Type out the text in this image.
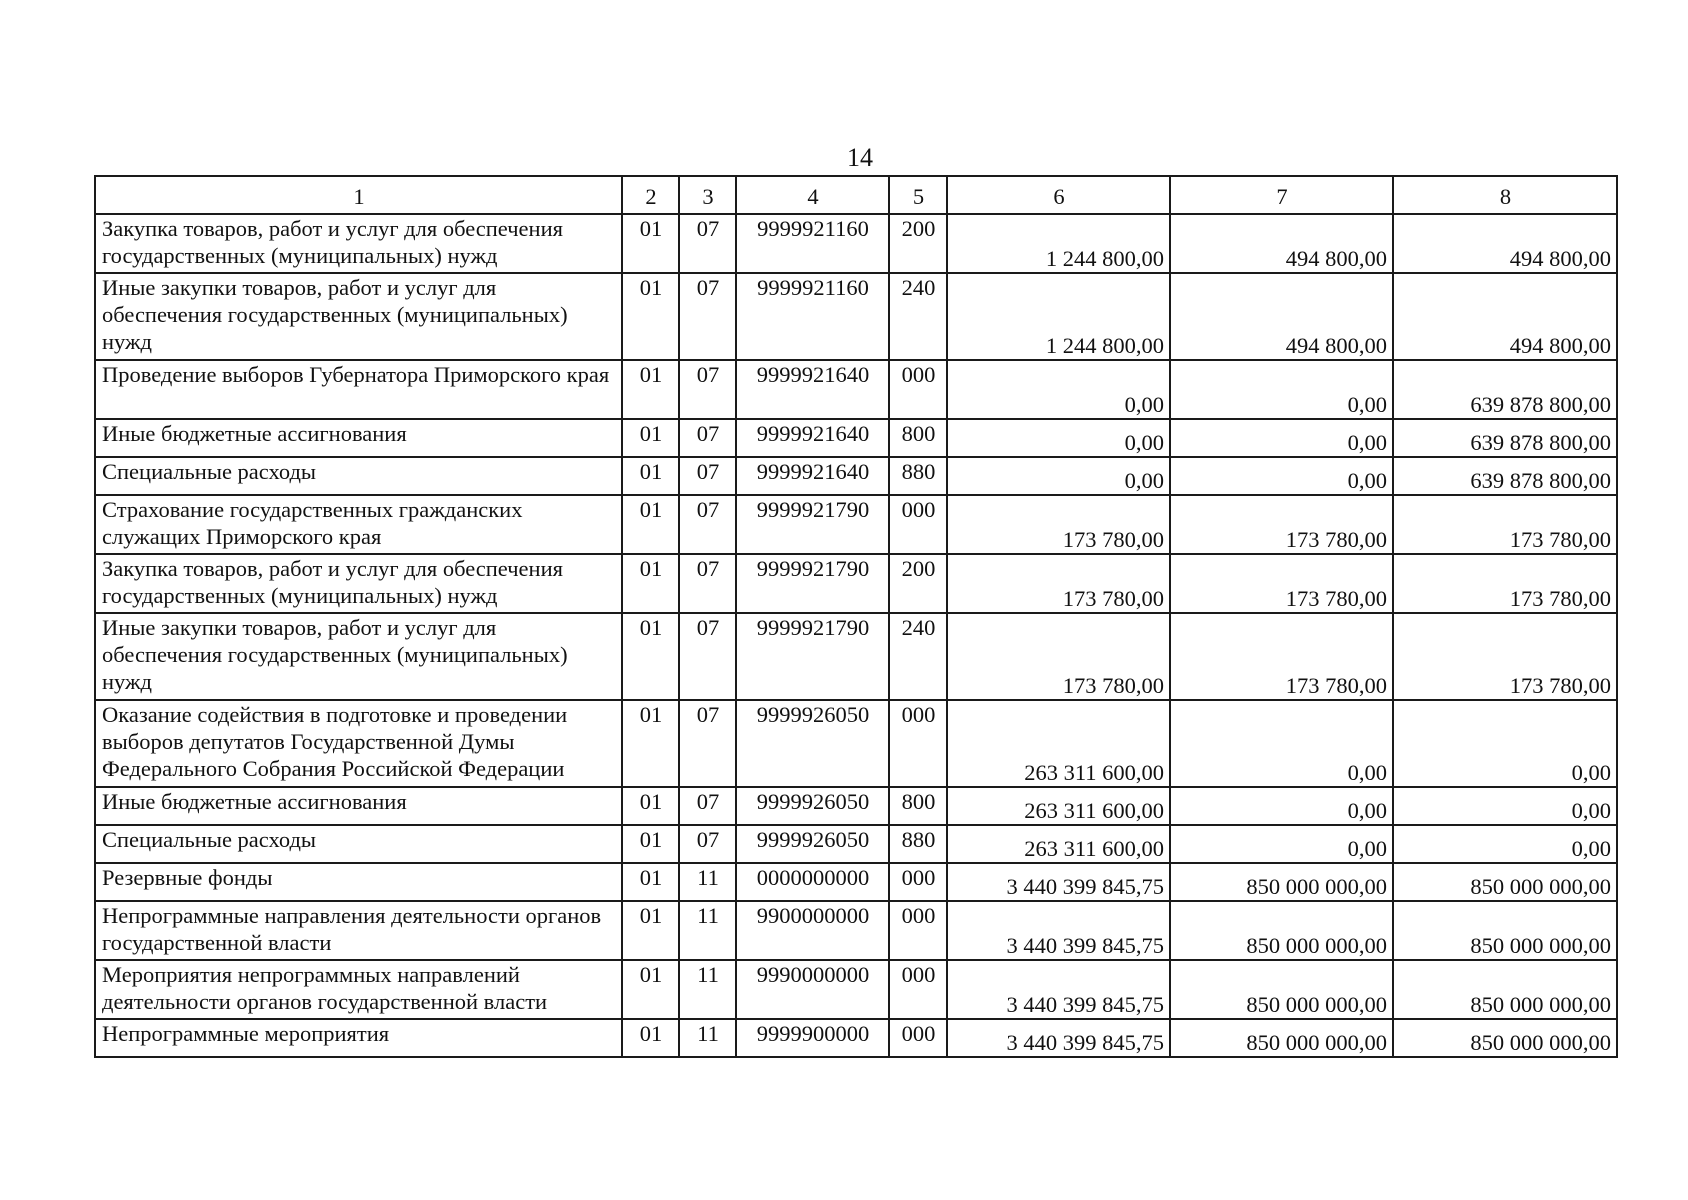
14
1	2	3	4	5	6	7	8
Закупка товаров, работ и услуг для обеспечения государственных (муниципальных) нужд	01	07	9999921160	200	1 244 800,00	494 800,00	494 800,00
Иные закупки товаров, работ и услуг для обеспечения государственных (муниципальных) нужд	01	07	9999921160	240	1 244 800,00	494 800,00	494 800,00
Проведение выборов Губернатора Приморского края	01	07	9999921640	000	0,00	0,00	639 878 800,00
Иные бюджетные ассигнования	01	07	9999921640	800	0,00	0,00	639 878 800,00
Специальные расходы	01	07	9999921640	880	0,00	0,00	639 878 800,00
Страхование государственных гражданских служащих Приморского края	01	07	9999921790	000	173 780,00	173 780,00	173 780,00
Закупка товаров, работ и услуг для обеспечения государственных (муниципальных) нужд	01	07	9999921790	200	173 780,00	173 780,00	173 780,00
Иные закупки товаров, работ и услуг для обеспечения государственных (муниципальных) нужд	01	07	9999921790	240	173 780,00	173 780,00	173 780,00
Оказание содействия в подготовке и проведении выборов депутатов Государственной Думы Федерального Собрания Российской Федерации	01	07	9999926050	000	263 311 600,00	0,00	0,00
Иные бюджетные ассигнования	01	07	9999926050	800	263 311 600,00	0,00	0,00
Специальные расходы	01	07	9999926050	880	263 311 600,00	0,00	0,00
Резервные фонды	01	11	0000000000	000	3 440 399 845,75	850 000 000,00	850 000 000,00
Непрограммные направления деятельности органов государственной власти	01	11	9900000000	000	3 440 399 845,75	850 000 000,00	850 000 000,00
Мероприятия непрограммных направлений деятельности органов государственной власти	01	11	9990000000	000	3 440 399 845,75	850 000 000,00	850 000 000,00
Непрограммные мероприятия	01	11	9999900000	000	3 440 399 845,75	850 000 000,00	850 000 000,00
